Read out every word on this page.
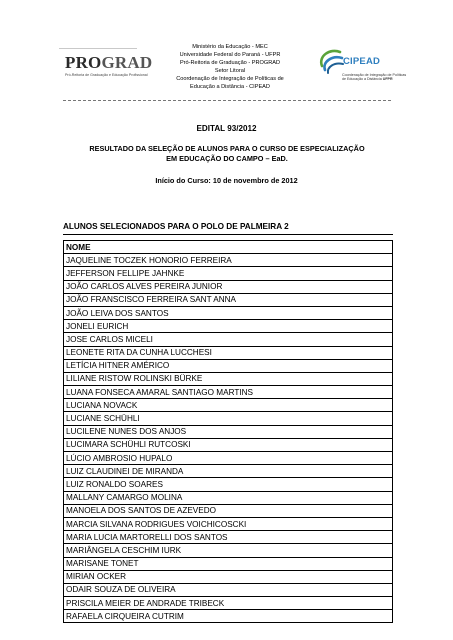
PROGRAD
Pró-Reitoria de Graduação e Educação Profissional
Ministério da Educação - MEC
Universidade Federal do Paraná - UFPR
Pró-Reitoria de Graduação - PROGRAD
Setor Litoral
Coordenação de Integração de Políticas de
Educação a Distância - CIPEAD
CIPEAD
Coordenação de Integração de Políticas
de Educação a Distância UFPR
EDITAL 93/2012
RESULTADO DA SELEÇÃO DE ALUNOS PARA O CURSO DE ESPECIALIZAÇÃO
EM EDUCAÇÃO DO CAMPO – EaD.
Início do Curso: 10 de novembro de 2012
ALUNOS SELECIONADOS PARA O POLO DE PALMEIRA 2
NOME
JAQUELINE TOCZEK HONORIO FERREIRA
JEFFERSON FELLIPE JAHNKE
JOÃO CARLOS ALVES PEREIRA JUNIOR
JOÃO FRANSCISCO FERREIRA SANT ANNA
JOÃO LEIVA DOS SANTOS
JONELI EURICH
JOSE CARLOS MICELI
LEONETE RITA DA CUNHA LUCCHESI
LETÍCIA HITNER AMÉRICO
LILIANE RISTOW ROLINSKI BÜRKE
LUANA FONSECA AMARAL SANTIAGO MARTINS
LUCIANA NOVACK
LUCIANE SCHÜHLI
LUCILENE NUNES DOS ANJOS
LUCIMARA SCHÜHLI RUTCOSKI
LÚCIO AMBROSIO HUPALO
LUIZ CLAUDINEI DE MIRANDA
LUIZ RONALDO SOARES
MALLANY CAMARGO MOLINA
MANOELA DOS SANTOS DE AZEVEDO
MARCIA SILVANA RODRIGUES VOICHICOSCKI
MARIA LUCIA MARTORELLI DOS SANTOS
MARIÂNGELA CESCHIM IURK
MARISANE TONET
MIRIAN OCKER
ODAIR SOUZA DE OLIVEIRA
PRISCILA MEIER DE ANDRADE TRIBECK
RAFAELA CIRQUEIRA CUTRIM
